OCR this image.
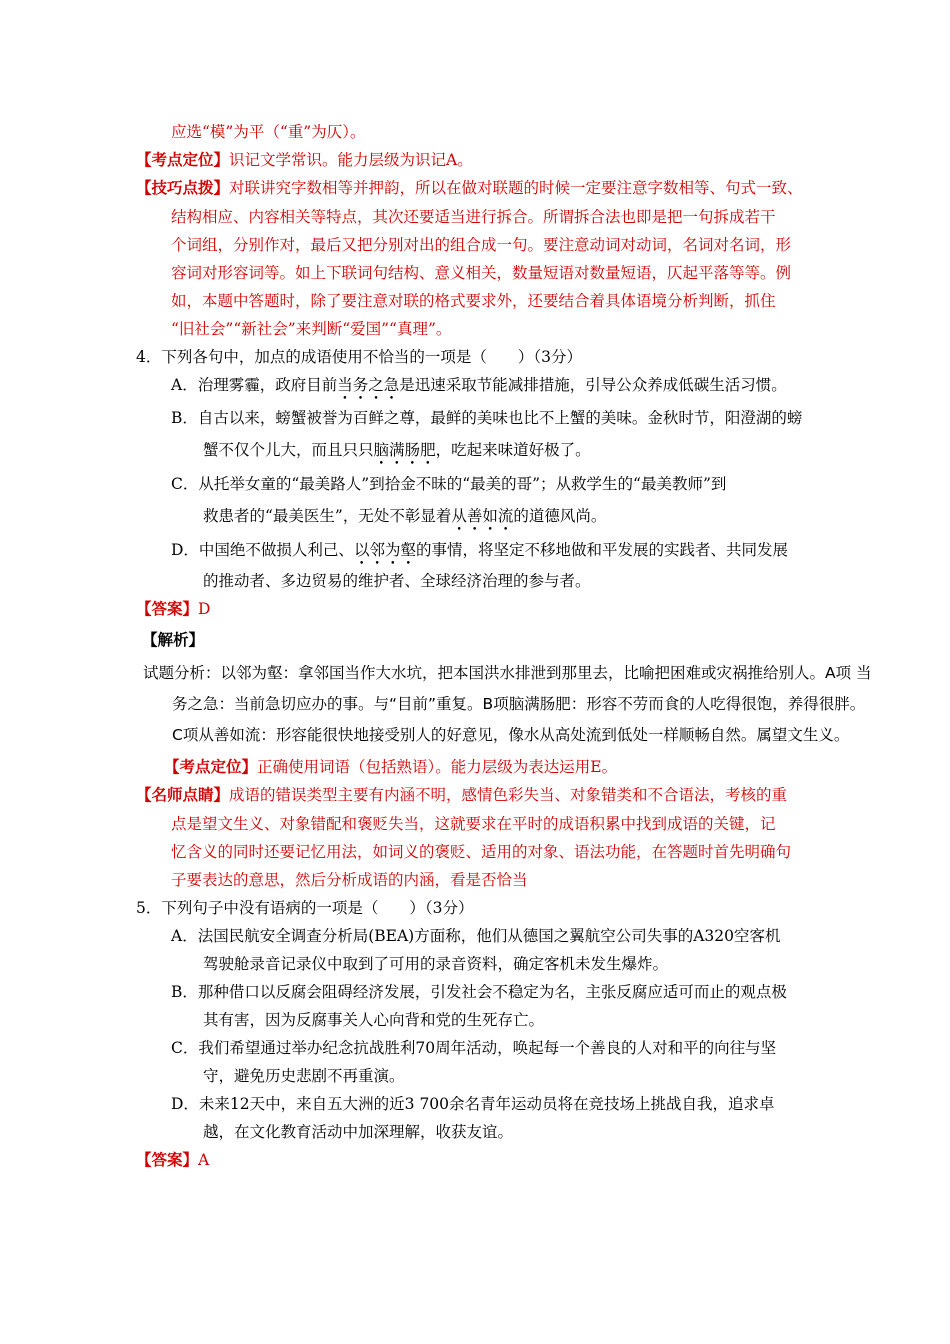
应选“模”为平（“重”为仄）。
【考点定位】识记文学常识。能力层级为识记A。
【技巧点拨】对联讲究字数相等并押韵，所以在做对联题的时候一定要注意字数相等、句式一致、
结构相应、内容相关等特点，其次还要适当进行拆合。所谓拆合法也即是把一句拆成若干
个词组，分别作对，最后又把分别对出的组合成一句。要注意动词对动词，名词对名词，形
容词对形容词等。如上下联词句结构、意义相关，数量短语对数量短语，仄起平落等等。例
如，本题中答题时，除了要注意对联的格式要求外，还要结合着具体语境分析判断，抓住
“旧社会”“新社会”来判断“爱国”“真理”。
4．下列各句中，加点的成语使用不恰当的一项是（　　）（3分）
A．治理雾霾，政府目前当务之急是迅速采取节能减排措施，引导公众养成低碳生活习惯。
B．自古以来，螃蟹被誉为百鲜之尊，最鲜的美味也比不上蟹的美味。金秋时节，阳澄湖的螃
蟹不仅个儿大，而且只只脑满肠肥，吃起来味道好极了。
C．从托举女童的“最美路人”到拾金不昧的“最美的哥”；从救学生的“最美教师”到
救患者的“最美医生”，无处不彰显着从善如流的道德风尚。
D．中国绝不做损人利己、以邻为壑的事情，将坚定不移地做和平发展的实践者、共同发展
的推动者、多边贸易的维护者、全球经济治理的参与者。
【答案】D
【解析】
试题分析：以邻为壑：拿邻国当作大水坑，把本国洪水排泄到那里去，比喻把困难或灾祸推给别人。A项 当
务之急：当前急切应办的事。与“目前”重复。B项脑满肠肥：形容不劳而食的人吃得很饱，养得很胖。
C项从善如流：形容能很快地接受别人的好意见，像水从高处流到低处一样顺畅自然。属望文生义。
【考点定位】正确使用词语（包括熟语）。能力层级为表达运用E。
【名师点睛】成语的错误类型主要有内涵不明，感情色彩失当、对象错类和不合语法，考核的重
点是望文生义、对象错配和褒贬失当，这就要求在平时的成语积累中找到成语的关键，记
忆含义的同时还要记忆用法，如词义的褒贬、适用的对象、语法功能，在答题时首先明确句
子要表达的意思，然后分析成语的内涵，看是否恰当
5．下列句子中没有语病的一项是（　　）（3分）
A．法国民航安全调查分析局(BEA)方面称，他们从德国之翼航空公司失事的A320空客机
驾驶舱录音记录仪中取到了可用的录音资料，确定客机未发生爆炸。
B．那种借口以反腐会阻碍经济发展，引发社会不稳定为名，主张反腐应适可而止的观点极
其有害，因为反腐事关人心向背和党的生死存亡。
C．我们希望通过举办纪念抗战胜利70周年活动，唤起每一个善良的人对和平的向往与坚
守，避免历史悲剧不再重演。
D．未来12天中，来自五大洲的近3 700余名青年运动员将在竞技场上挑战自我，追求卓
越，在文化教育活动中加深理解，收获友谊。
【答案】A
